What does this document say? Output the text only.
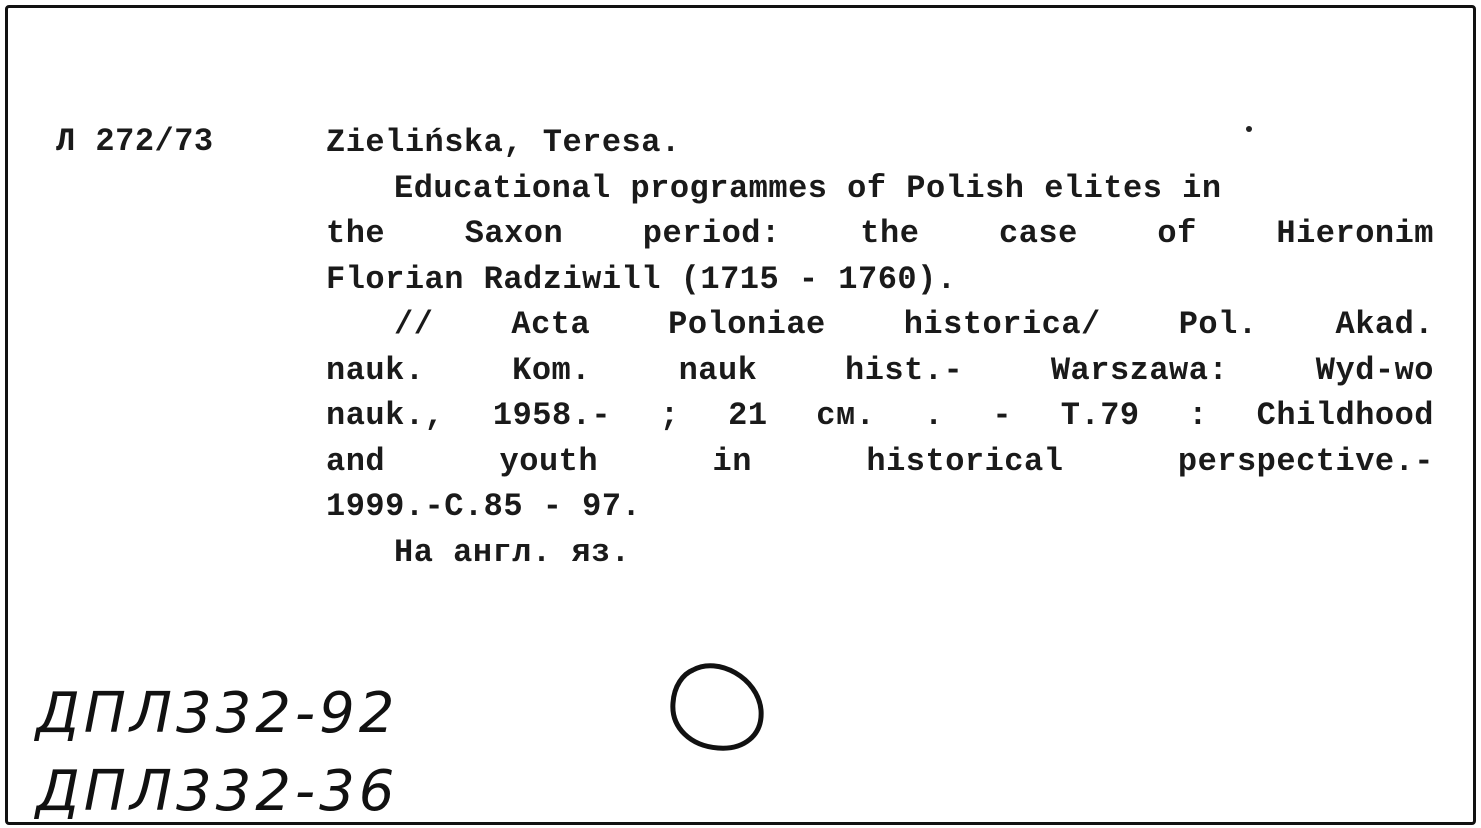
Л 272/73	Zielińska, Teresa.
Educational programmes of Polish elites in
the Saxon period: the case of Hieronim
Florian Radziwill (1715 - 1760).
// Acta Poloniae historica/ Pol. Akad.
nauk. Kom. nauk hist.- Warszawa: Wyd-wo
nauk., 1958.- ; 21 см. . - Т.79 : Childhood
and youth in historical perspective.-
1999.-С.85 - 97.
На англ. яз.
ДПЛ332-92
ДПЛ332-36
